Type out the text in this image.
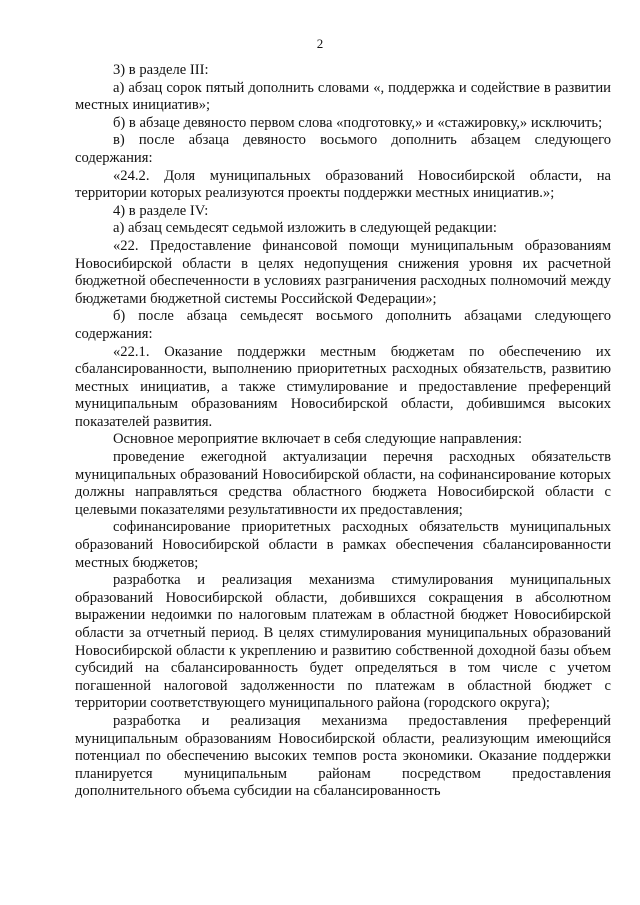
2

3) в разделе III:

а) абзац сорок пятый дополнить словами «, поддержка и содействие в развитии местных инициатив»;

б) в абзаце девяносто первом слова «подготовку,» и «стажировку,» исключить;

в) после абзаца девяносто восьмого дополнить абзацем следующего содержания:

«24.2. Доля муниципальных образований Новосибирской области, на территории которых реализуются проекты поддержки местных инициатив.»;

4) в разделе IV:

а) абзац семьдесят седьмой изложить в следующей редакции:

«22. Предоставление финансовой помощи муниципальным образованиям Новосибирской области в целях недопущения снижения уровня их расчетной бюджетной обеспеченности в условиях разграничения расходных полномочий между бюджетами бюджетной системы Российской Федерации»;

б) после абзаца семьдесят восьмого дополнить абзацами следующего содержания:

«22.1. Оказание поддержки местным бюджетам по обеспечению их сбалансированности, выполнению приоритетных расходных обязательств, развитию местных инициатив, а также стимулирование и предоставление преференций муниципальным образованиям Новосибирской области, добившимся высоких показателей развития.

Основное мероприятие включает в себя следующие направления:

проведение ежегодной актуализации перечня расходных обязательств муниципальных образований Новосибирской области, на софинансирование которых должны направляться средства областного бюджета Новосибирской области с целевыми показателями результативности их предоставления;

софинансирование приоритетных расходных обязательств муниципальных образований Новосибирской области в рамках обеспечения сбалансированности местных бюджетов;

разработка и реализация механизма стимулирования муниципальных образований Новосибирской области, добившихся сокращения в абсолютном выражении недоимки по налоговым платежам в областной бюджет Новосибирской области за отчетный период. В целях стимулирования муниципальных образований Новосибирской области к укреплению и развитию собственной доходной базы объем субсидий на сбалансированность будет определяться в том числе с учетом погашенной налоговой задолженности по платежам в областной бюджет с территории соответствующего муниципального района (городского округа);

разработка и реализация механизма предоставления преференций муниципальным образованиям Новосибирской области, реализующим имеющийся потенциал по обеспечению высоких темпов роста экономики. Оказание поддержки планируется муниципальным районам посредством предоставления дополнительного объема субсидии на сбалансированность
